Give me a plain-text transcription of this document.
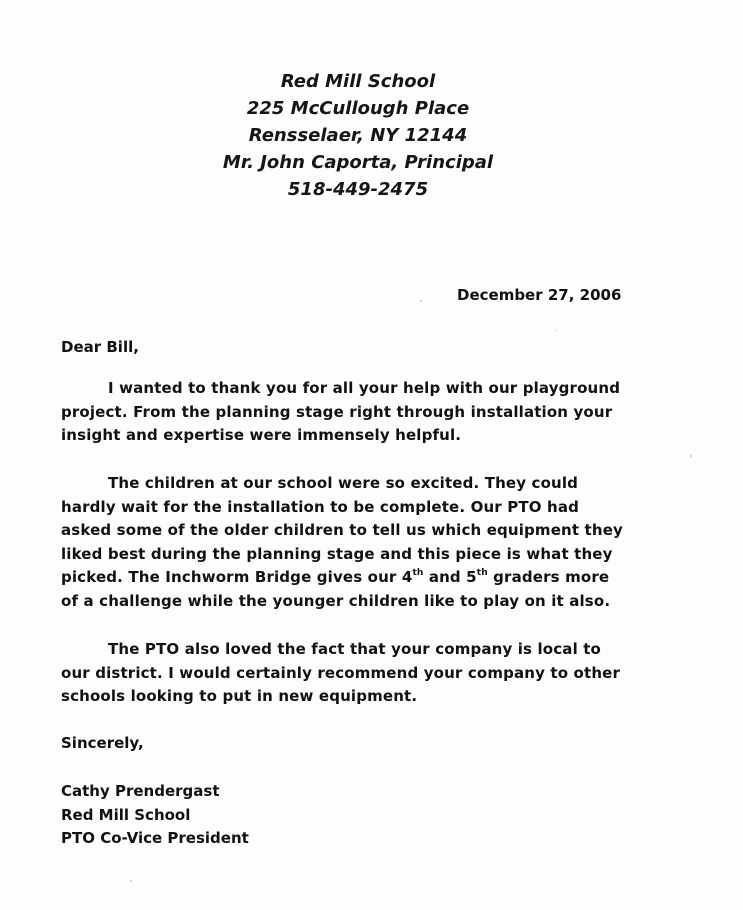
Red Mill School
225 McCullough Place
Rensselaer, NY 12144
Mr. John Caporta, Principal
518-449-2475
December 27, 2006
Dear Bill,
I wanted to thank you for all your help with our playground
project. From the planning stage right through installation your
insight and expertise were immensely helpful.
The children at our school were so excited. They could
hardly wait for the installation to be complete. Our PTO had
asked some of the older children to tell us which equipment they
liked best during the planning stage and this piece is what they
picked. The Inchworm Bridge gives our 4th and 5th graders more
of a challenge while the younger children like to play on it also.
The PTO also loved the fact that your company is local to
our district. I would certainly recommend your company to other
schools looking to put in new equipment.
Sincerely,
Cathy Prendergast
Red Mill School
PTO Co-Vice President
